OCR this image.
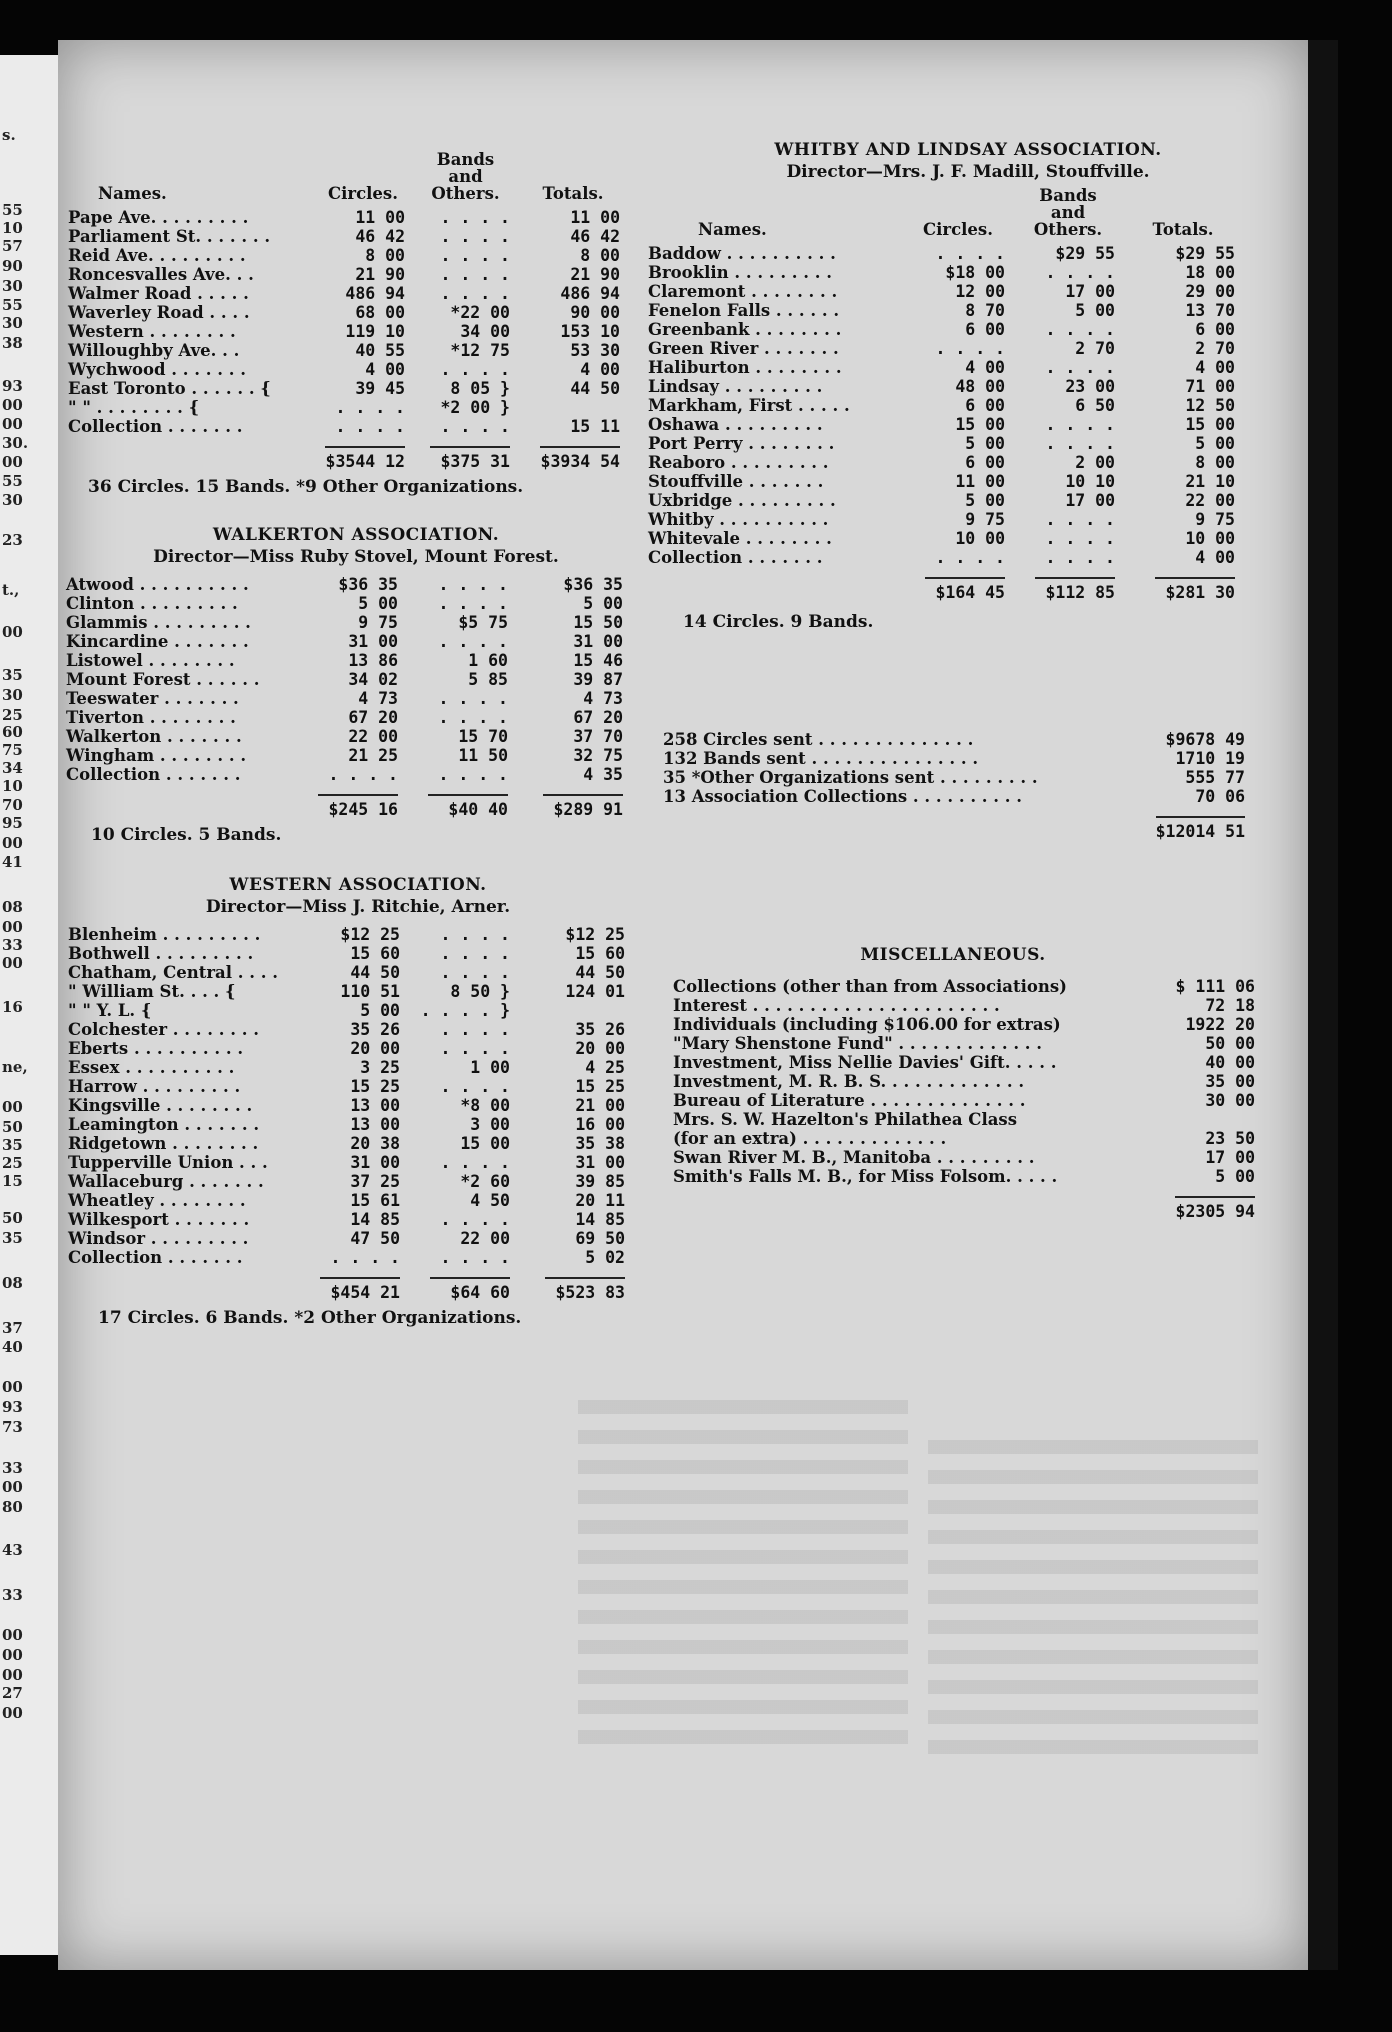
s.
55
10
57
90
30
55
30
38
93
00
00
30.
00
55
30
23
t.,
00
35
30
25
60
75
34
10
70
95
00
41
08
00
33
00
16
ne,
00
50
35
25
15
50
35
08
37
40
00
93
73
33
00
80
43
33
00
00
00
27
00
Names.	Circles.	Bands
and
Others.	Totals.
Pape Ave. . . . . . . . .	11 00	. . . .	11 00
Parliament St. . . . . . .	46 42	. . . .	46 42
Reid Ave. . . . . . . . .	8 00	. . . .	8 00
Roncesvalles Ave. . .	21 90	. . . .	21 90
Walmer Road . . . . .	486 94	. . . .	486 94
Waverley Road . . . .	68 00	*22 00	90 00
Western . . . . . . . .	119 10	34 00	153 10
Willoughby Ave. . .	40 55	*12 75	53 30
Wychwood . . . . . . .	4 00	. . . .	4 00
East Toronto . . . . . . {	39 45	8 05 }	44 50
" " . . . . . . . . {	. . . .	*2 00 }	
Collection . . . . . . .	. . . .	. . . .	15 11
	$3544 12	$375 31	$3934 54
36 Circles. 15 Bands. *9 Other Organizations.
WALKERTON ASSOCIATION.
Director—Miss Ruby Stovel, Mount Forest.
Atwood . . . . . . . . . .	$36 35	. . . .	$36 35
Clinton . . . . . . . . .	5 00	. . . .	5 00
Glammis . . . . . . . . .	9 75	$5 75	15 50
Kincardine . . . . . . .	31 00	. . . .	31 00
Listowel . . . . . . . .	13 86	1 60	15 46
Mount Forest . . . . . .	34 02	5 85	39 87
Teeswater . . . . . . .	4 73	. . . .	4 73
Tiverton . . . . . . . .	67 20	. . . .	67 20
Walkerton . . . . . . .	22 00	15 70	37 70
Wingham . . . . . . . .	21 25	11 50	32 75
Collection . . . . . . .	. . . .	. . . .	4 35
	$245 16	$40 40	$289 91
10 Circles. 5 Bands.
WESTERN ASSOCIATION.
Director—Miss J. Ritchie, Arner.
Blenheim . . . . . . . . .	$12 25	. . . .	$12 25
Bothwell . . . . . . . . .	15 60	. . . .	15 60
Chatham, Central . . . .	44 50	. . . .	44 50
" William St. . . . {	110 51	8 50 }	124 01
" " Y. L. {	5 00	. . . . }	
Colchester . . . . . . . .	35 26	. . . .	35 26
Eberts . . . . . . . . . .	20 00	. . . .	20 00
Essex . . . . . . . . . .	3 25	1 00	4 25
Harrow . . . . . . . . .	15 25	. . . .	15 25
Kingsville . . . . . . . .	13 00	*8 00	21 00
Leamington . . . . . . .	13 00	3 00	16 00
Ridgetown . . . . . . . .	20 38	15 00	35 38
Tupperville Union . . .	31 00	. . . .	31 00
Wallaceburg . . . . . . .	37 25	*2 60	39 85
Wheatley . . . . . . . .	15 61	4 50	20 11
Wilkesport . . . . . . .	14 85	. . . .	14 85
Windsor . . . . . . . . .	47 50	22 00	69 50
Collection . . . . . . .	. . . .	. . . .	5 02
	$454 21	$64 60	$523 83
17 Circles. 6 Bands. *2 Other Organizations.
WHITBY AND LINDSAY ASSOCIATION.
Director—Mrs. J. F. Madill, Stouffville.
Names.	Circles.	Bands
and
Others.	Totals.
Baddow . . . . . . . . . .	. . . .	$29 55	$29 55
Brooklin . . . . . . . . .	$18 00	. . . .	18 00
Claremont . . . . . . . .	12 00	17 00	29 00
Fenelon Falls . . . . . .	8 70	5 00	13 70
Greenbank . . . . . . . .	6 00	. . . .	6 00
Green River . . . . . . .	. . . .	2 70	2 70
Haliburton . . . . . . . .	4 00	. . . .	4 00
Lindsay . . . . . . . . .	48 00	23 00	71 00
Markham, First . . . . .	6 00	6 50	12 50
Oshawa . . . . . . . . .	15 00	. . . .	15 00
Port Perry . . . . . . . .	5 00	. . . .	5 00
Reaboro . . . . . . . . .	6 00	2 00	8 00
Stouffville . . . . . . .	11 00	10 10	21 10
Uxbridge . . . . . . . . .	5 00	17 00	22 00
Whitby . . . . . . . . . .	9 75	. . . .	9 75
Whitevale . . . . . . . .	10 00	. . . .	10 00
Collection . . . . . . .	. . . .	. . . .	4 00
	$164 45	$112 85	$281 30
14 Circles. 9 Bands.
258 Circles sent . . . . . . . . . . . . . .	$9678 49
132 Bands sent . . . . . . . . . . . . . . .	1710 19
35 *Other Organizations sent . . . . . . . . .	555 77
13 Association Collections . . . . . . . . . .	70 06
	$12014 51
MISCELLANEOUS.
Collections (other than from Associations)	$ 111 06
Interest . . . . . . . . . . . . . . . . . . . . . .	72 18
Individuals (including $106.00 for extras)	1922 20
"Mary Shenstone Fund" . . . . . . . . . . . . .	50 00
Investment, Miss Nellie Davies' Gift. . . . .	40 00
Investment, M. R. B. S. . . . . . . . . . . . .	35 00
Bureau of Literature . . . . . . . . . . . . . .	30 00
Mrs. S. W. Hazelton's Philathea Class	
(for an extra) . . . . . . . . . . . . .	23 50
Swan River M. B., Manitoba . . . . . . . . .	17 00
Smith's Falls M. B., for Miss Folsom. . . . .	5 00
	$2305 94
